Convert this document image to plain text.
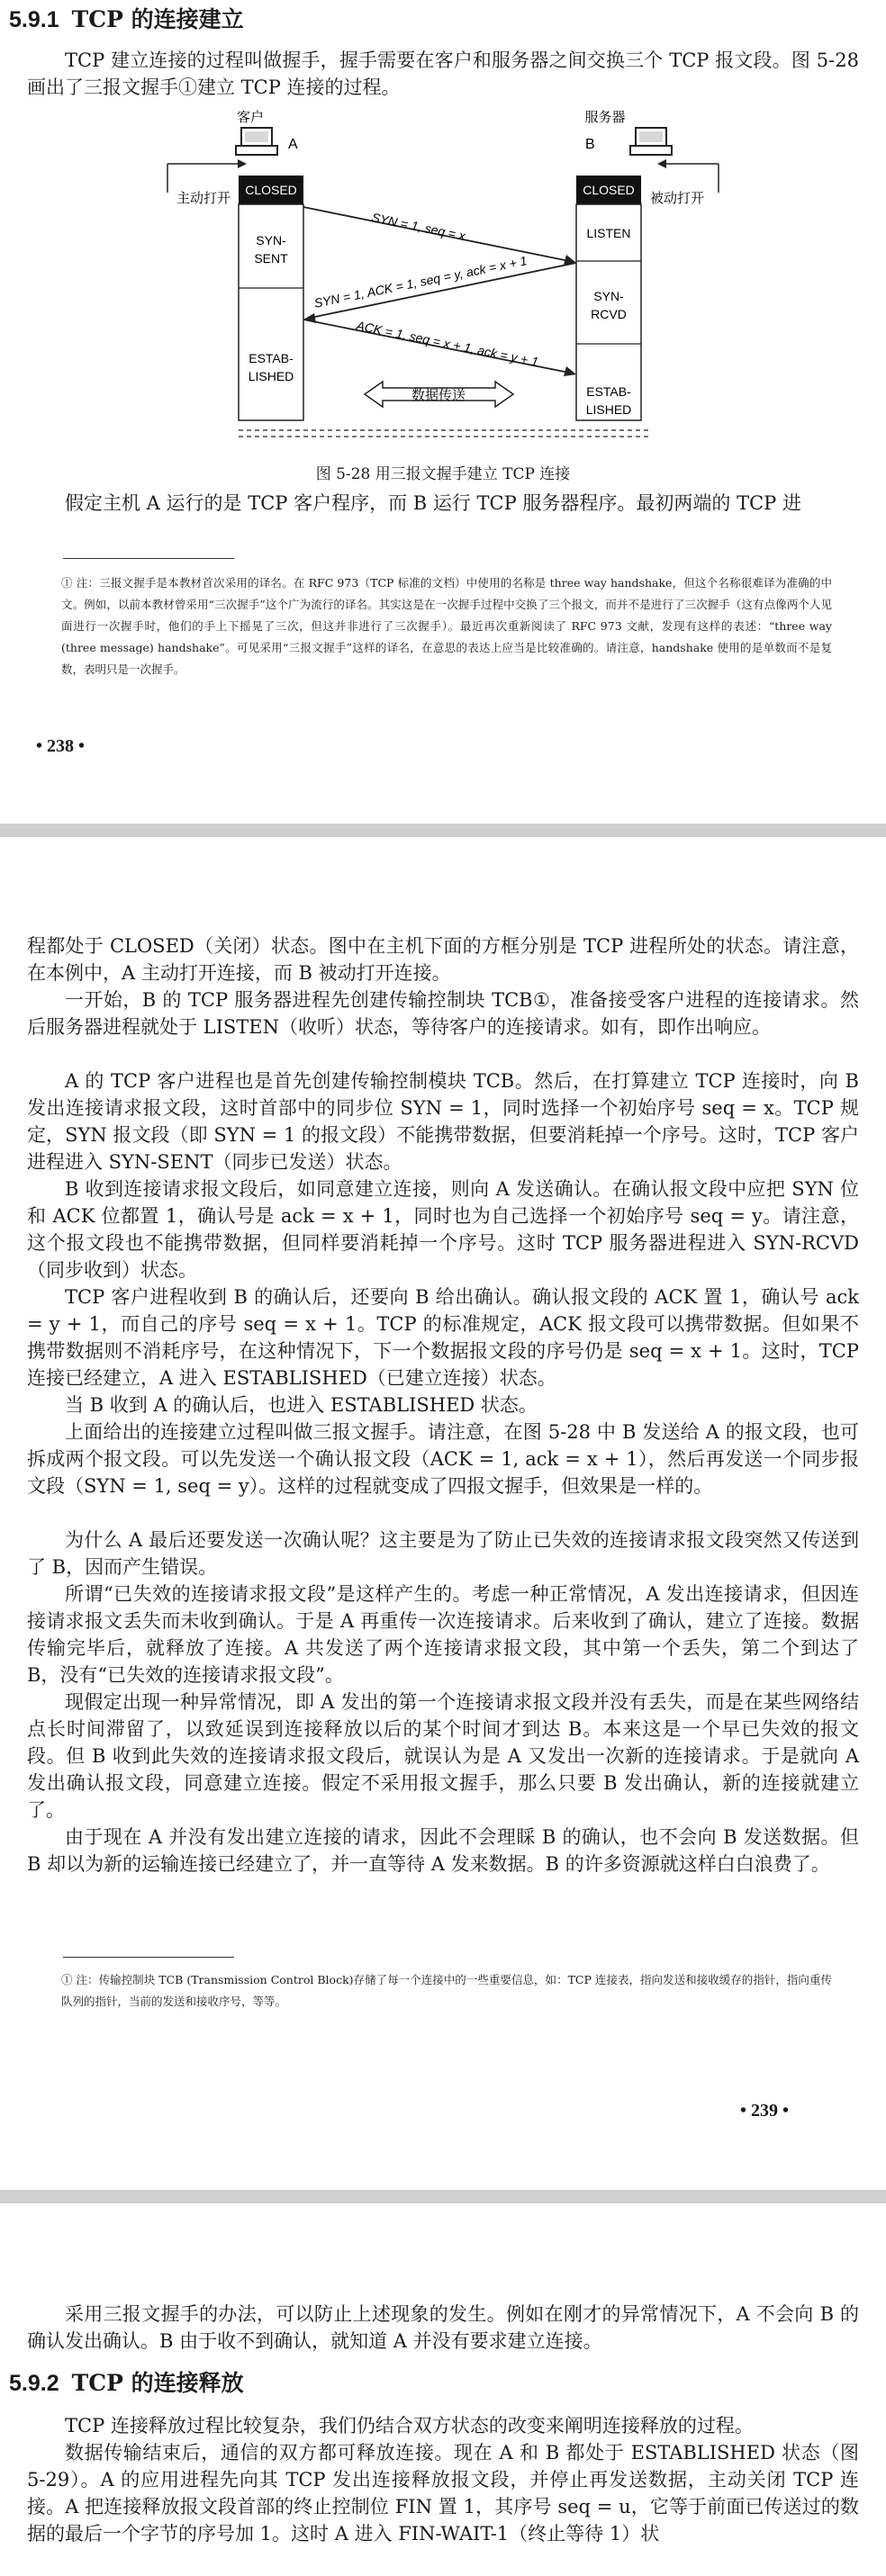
5.9.1 TCP 的连接建立

TCP 建立连接的过程叫做握手，握手需要在客户和服务器之间交换三个 TCP 报文段。图 5-28 画出了三报文握手①建立 TCP 连接的过程。

客户	服务器
A	B
主动打开	被动打开
CLOSED
SYN-
SENT
ESTAB-
LISHED
CLOSED
LISTEN
SYN-
RCVD
ESTAB-
LISHED
SYN = 1, seq = x
SYN = 1, ACK = 1, seq = y, ack = x + 1
ACK = 1, seq = x + 1, ack = y + 1
数据传送
图 5-28 用三报文握手建立 TCP 连接

假定主机 A 运行的是 TCP 客户程序，而 B 运行 TCP 服务器程序。最初两端的 TCP 进

① 注：三报文握手是本教材首次采用的译名。在 RFC 973（TCP 标准的文档）中使用的名称是 three way handshake，但这个名称很难译为准确的中文。例如，以前本教材曾采用“三次握手”这个广为流行的译名。其实这是在一次握手过程中交换了三个报文，而并不是进行了三次握手（这有点像两个人见面进行一次握手时，他们的手上下摇晃了三次，但这并非进行了三次握手）。最近再次重新阅读了 RFC 973 文献，发现有这样的表述：“three way (three message) handshake”。可见采用“三报文握手”这样的译名，在意思的表达上应当是比较准确的。请注意，handshake 使用的是单数而不是复数，表明只是一次握手。
• 238 •

程都处于 CLOSED（关闭）状态。图中在主机下面的方框分别是 TCP 进程所处的状态。请注意，在本例中，A 主动打开连接，而 B 被动打开连接。

一开始，B 的 TCP 服务器进程先创建传输控制块 TCB①，准备接受客户进程的连接请求。然后服务器进程就处于 LISTEN（收听）状态，等待客户的连接请求。如有，即作出响应。

A 的 TCP 客户进程也是首先创建传输控制模块 TCB。然后，在打算建立 TCP 连接时，向 B 发出连接请求报文段，这时首部中的同步位 SYN = 1，同时选择一个初始序号 seq = x。TCP 规定，SYN 报文段（即 SYN = 1 的报文段）不能携带数据，但要消耗掉一个序号。这时，TCP 客户进程进入 SYN-SENT（同步已发送）状态。

B 收到连接请求报文段后，如同意建立连接，则向 A 发送确认。在确认报文段中应把 SYN 位和 ACK 位都置 1，确认号是 ack = x + 1，同时也为自己选择一个初始序号 seq = y。请注意，这个报文段也不能携带数据，但同样要消耗掉一个序号。这时 TCP 服务器进程进入 SYN-RCVD（同步收到）状态。

TCP 客户进程收到 B 的确认后，还要向 B 给出确认。确认报文段的 ACK 置 1，确认号 ack = y + 1，而自己的序号 seq = x + 1。TCP 的标准规定，ACK 报文段可以携带数据。但如果不携带数据则不消耗序号，在这种情况下，下一个数据报文段的序号仍是 seq = x + 1。这时，TCP 连接已经建立，A 进入 ESTABLISHED（已建立连接）状态。

当 B 收到 A 的确认后，也进入 ESTABLISHED 状态。

上面给出的连接建立过程叫做三报文握手。请注意，在图 5-28 中 B 发送给 A 的报文段，也可拆成两个报文段。可以先发送一个确认报文段（ACK = 1, ack = x + 1），然后再发送一个同步报文段（SYN = 1, seq = y）。这样的过程就变成了四报文握手，但效果是一样的。

为什么 A 最后还要发送一次确认呢？这主要是为了防止已失效的连接请求报文段突然又传送到了 B，因而产生错误。

所谓“已失效的连接请求报文段”是这样产生的。考虑一种正常情况，A 发出连接请求，但因连接请求报文丢失而未收到确认。于是 A 再重传一次连接请求。后来收到了确认，建立了连接。数据传输完毕后，就释放了连接。A 共发送了两个连接请求报文段，其中第一个丢失，第二个到达了 B，没有“已失效的连接请求报文段”。

现假定出现一种异常情况，即 A 发出的第一个连接请求报文段并没有丢失，而是在某些网络结点长时间滞留了，以致延误到连接释放以后的某个时间才到达 B。本来这是一个早已失效的报文段。但 B 收到此失效的连接请求报文段后，就误认为是 A 又发出一次新的连接请求。于是就向 A 发出确认报文段，同意建立连接。假定不采用报文握手，那么只要 B 发出确认，新的连接就建立了。

由于现在 A 并没有发出建立连接的请求，因此不会理睬 B 的确认，也不会向 B 发送数据。但 B 却以为新的运输连接已经建立了，并一直等待 A 发来数据。B 的许多资源就这样白白浪费了。

① 注：传输控制块 TCB (Transmission Control Block)存储了每一个连接中的一些重要信息，如：TCP 连接表，指向发送和接收缓存的指针，指向重传队列的指针，当前的发送和接收序号，等等。
• 239 •

采用三报文握手的办法，可以防止上述现象的发生。例如在刚才的异常情况下，A 不会向 B 的确认发出确认。B 由于收不到确认，就知道 A 并没有要求建立连接。

5.9.2 TCP 的连接释放

TCP 连接释放过程比较复杂，我们仍结合双方状态的改变来阐明连接释放的过程。

数据传输结束后，通信的双方都可释放连接。现在 A 和 B 都处于 ESTABLISHED 状态（图 5-29）。A 的应用进程先向其 TCP 发出连接释放报文段，并停止再发送数据，主动关闭 TCP 连接。A 把连接释放报文段首部的终止控制位 FIN 置 1，其序号 seq = u，它等于前面已传送过的数据的最后一个字节的序号加 1。这时 A 进入 FIN-WAIT-1（终止等待 1）状
